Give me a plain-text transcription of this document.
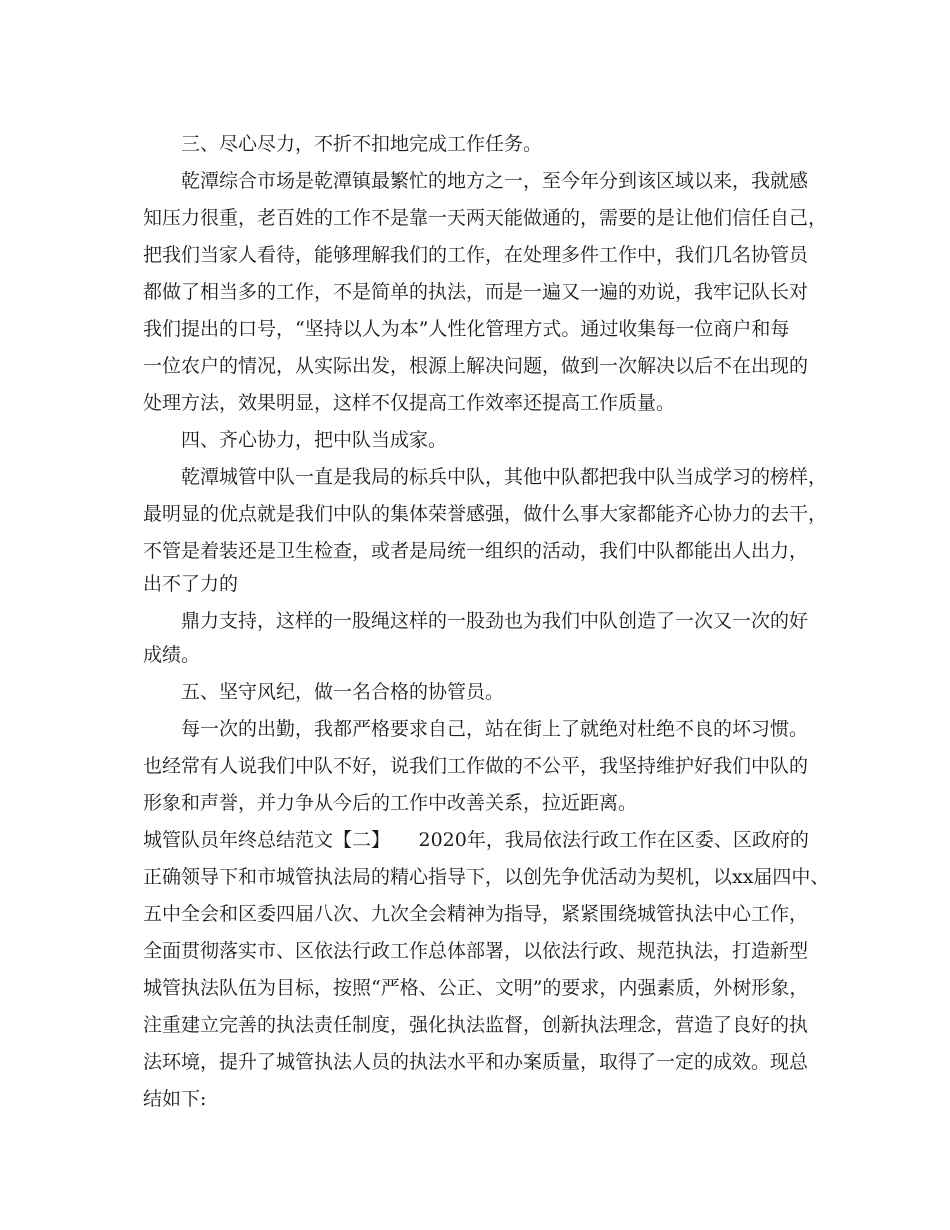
　　三、尽心尽力，不折不扣地完成工作任务。
　　乾潭综合市场是乾潭镇最繁忙的地方之一，至今年分到该区域以来，我就感
知压力很重，老百姓的工作不是靠一天两天能做通的，需要的是让他们信任自己，
把我们当家人看待，能够理解我们的工作，在处理多件工作中，我们几名协管员
都做了相当多的工作，不是简单的执法，而是一遍又一遍的劝说，我牢记队长对
我们提出的口号，“坚持以人为本”人性化管理方式。通过收集每一位商户和每
一位农户的情况，从实际出发，根源上解决问题，做到一次解决以后不在出现的
处理方法，效果明显，这样不仅提高工作效率还提高工作质量。
　　四、齐心协力，把中队当成家。
　　乾潭城管中队一直是我局的标兵中队，其他中队都把我中队当成学习的榜样，
最明显的优点就是我们中队的集体荣誉感强，做什么事大家都能齐心协力的去干，
不管是着装还是卫生检查，或者是局统一组织的活动，我们中队都能出人出力，
出不了力的
　　鼎力支持，这样的一股绳这样的一股劲也为我们中队创造了一次又一次的好
成绩。
　　五、坚守风纪，做一名合格的协管员。
　　每一次的出勤，我都严格要求自己，站在街上了就绝对杜绝不良的坏习惯。
也经常有人说我们中队不好，说我们工作做的不公平，我坚持维护好我们中队的
形象和声誉，并力争从今后的工作中改善关系，拉近距离。
城管队员年终总结范文【二】　　2020年，我局依法行政工作在区委、区政府的
正确领导下和市城管执法局的精心指导下，以创先争优活动为契机，以xx届四中、
五中全会和区委四届八次、九次全会精神为指导，紧紧围绕城管执法中心工作，
全面贯彻落实市、区依法行政工作总体部署，以依法行政、规范执法，打造新型
城管执法队伍为目标，按照“严格、公正、文明”的要求，内强素质，外树形象，
注重建立完善的执法责任制度，强化执法监督，创新执法理念，营造了良好的执
法环境，提升了城管执法人员的执法水平和办案质量，取得了一定的成效。现总
结如下:
